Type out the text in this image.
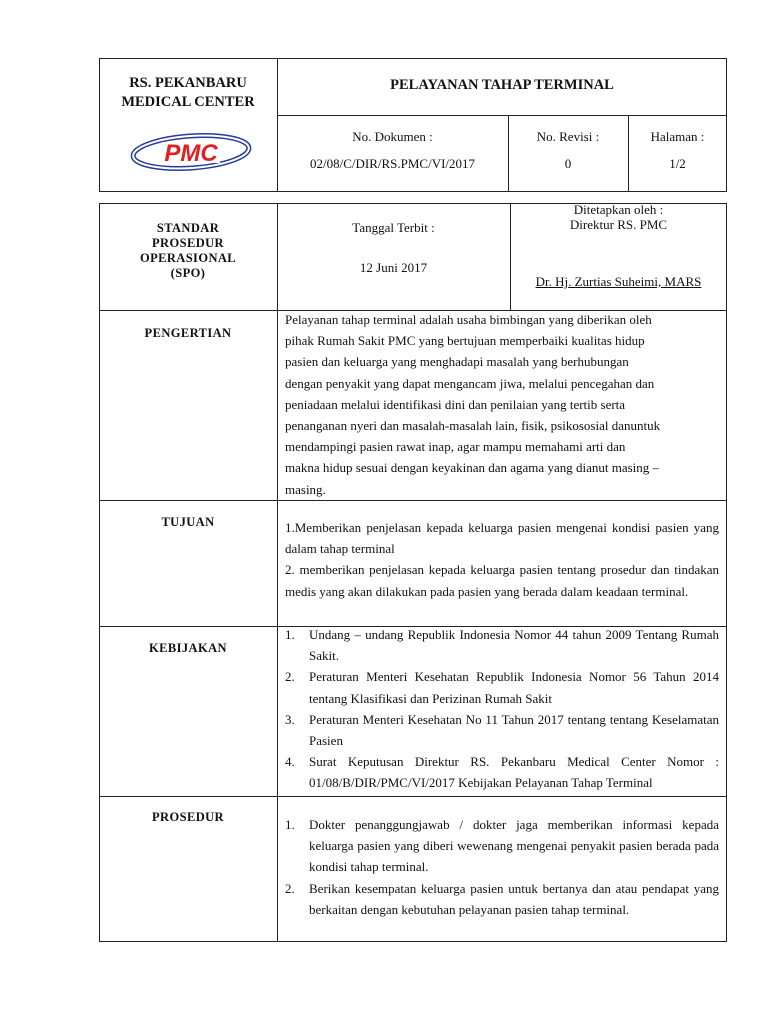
RS. PEKANBARU
MEDICAL CENTER
PMC
PELAYANAN TAHAP TERMINAL
No. Dokumen :
02/08/C/DIR/RS.PMC/VI/2017
No. Revisi :
0
Halaman :
1/2
STANDAR
PROSEDUR
OPERASIONAL
(SPO)
Tanggal Terbit :
12 Juni 2017
Ditetapkan oleh :
Direktur RS. PMC
Dr. Hj. Zurtias Suheimi, MARS
PENGERTIAN
Pelayanan tahap terminal adalah usaha bimbingan yang diberikan oleh
pihak Rumah Sakit PMC yang bertujuan memperbaiki kualitas hidup
pasien dan keluarga yang menghadapi masalah yang berhubungan
dengan penyakit yang dapat mengancam jiwa, melalui pencegahan dan
peniadaan melalui identifikasi dini dan penilaian yang tertib serta
penanganan nyeri dan masalah-masalah lain, fisik, psikososial danuntuk
mendampingi pasien rawat inap, agar mampu memahami arti dan
makna hidup sesuai dengan keyakinan dan agama yang dianut masing –
masing.
TUJUAN	1.Memberikan penjelasan kepada keluarga pasien mengenai kondisi pasien yang dalam tahap terminal
2. memberikan penjelasan kepada keluarga pasien tentang prosedur dan tindakan medis yang akan dilakukan pada pasien yang berada dalam keadaan terminal.
KEBIJAKAN
1. Undang – undang Republik Indonesia Nomor 44 tahun 2009 Tentang Rumah Sakit.
2. Peraturan Menteri Kesehatan Republik Indonesia Nomor 56 Tahun 2014 tentang Klasifikasi dan Perizinan Rumah Sakit
3. Peraturan Menteri Kesehatan No 11 Tahun 2017 tentang tentang Keselamatan Pasien
4. Surat Keputusan Direktur RS. Pekanbaru Medical Center Nomor : 01/08/B/DIR/PMC/VI/2017 Kebijakan Pelayanan Tahap Terminal
PROSEDUR	1. Dokter penanggungjawab / dokter jaga memberikan informasi kepada keluarga pasien yang diberi wewenang mengenai penyakit pasien berada pada kondisi tahap terminal.
2. Berikan kesempatan keluarga pasien untuk bertanya dan atau pendapat yang berkaitan dengan kebutuhan pelayanan pasien tahap terminal.
